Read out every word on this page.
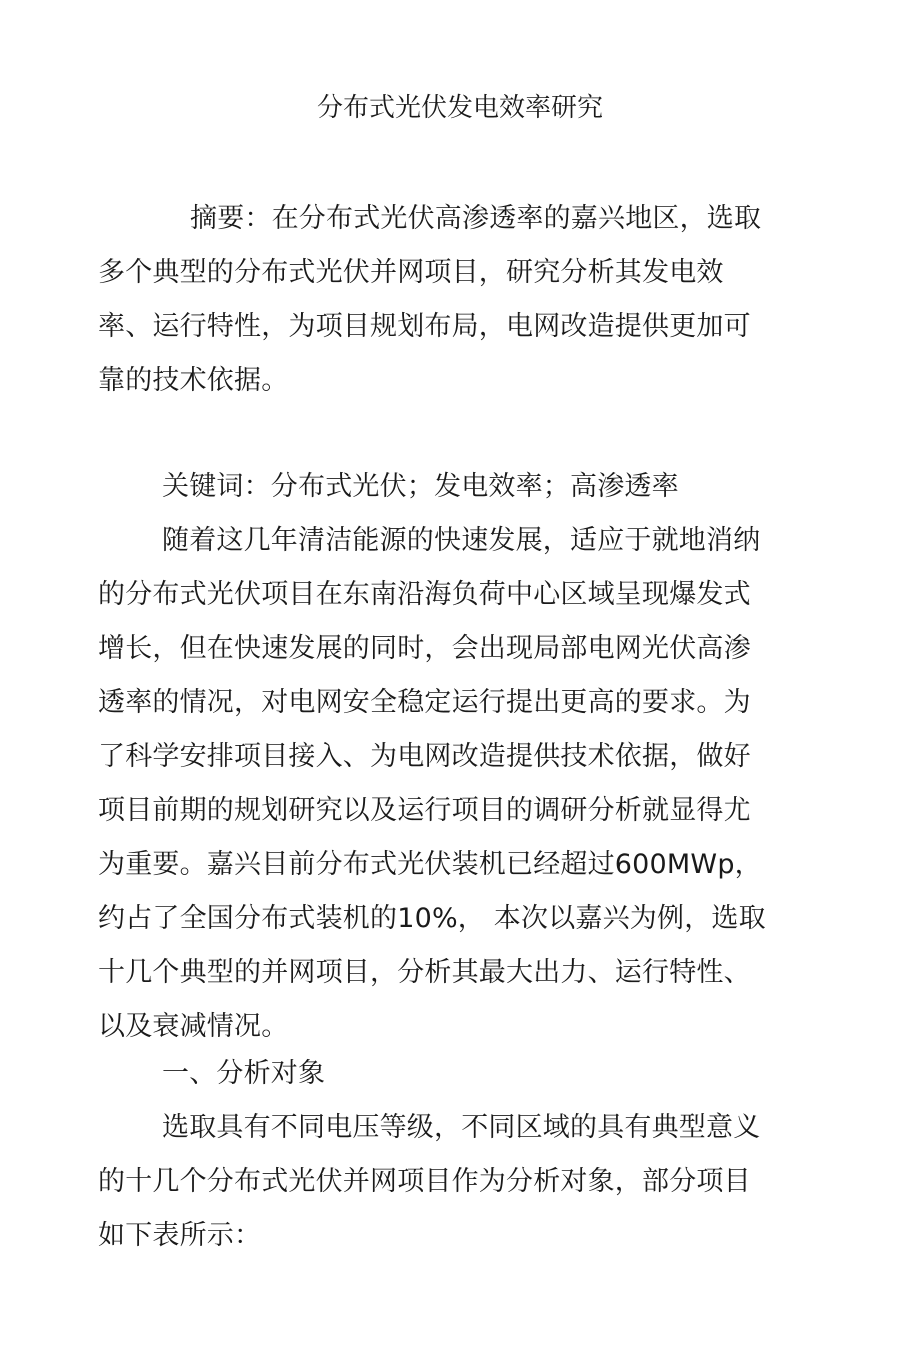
分布式光伏发电效率研究

摘要：在分布式光伏高渗透率的嘉兴地区，选取多个典型的分布式光伏并网项目，研究分析其发电效率、运行特性，为项目规划布局，电网改造提供更加可靠的技术依据。

关键词：分布式光伏；发电效率；高渗透率

随着这几年清洁能源的快速发展，适应于就地消纳的分布式光伏项目在东南沿海负荷中心区域呈现爆发式增长，但在快速发展的同时，会出现局部电网光伏高渗透率的情况，对电网安全稳定运行提出更高的要求。为了科学安排项目接入、为电网改造提供技术依据，做好项目前期的规划研究以及运行项目的调研分析就显得尤为重要。嘉兴目前分布式光伏装机已经超过600MWp， 约占了全国分布式装机的10%， 本次以嘉兴为例，选取十几个典型的并网项目，分析其最大出力、运行特性、以及衰减情况。

一、分析对象

选取具有不同电压等级，不同区域的具有典型意义的十几个分布式光伏并网项目作为分析对象，部分项目如下表所示：
